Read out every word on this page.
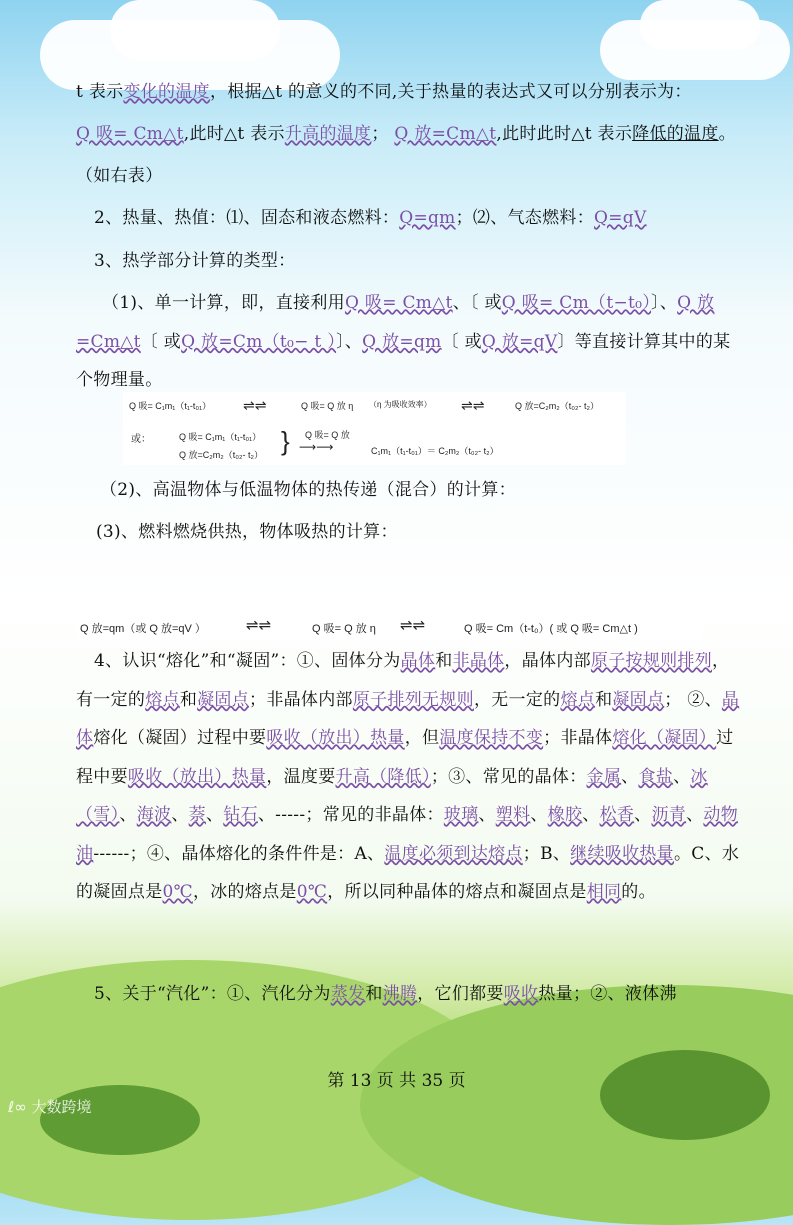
t 表示变化的温度，根据△t 的意义的不同,关于热量的表达式又可以分别表示为：
Q 吸= Cm△t,此时△t 表示升高的温度； Q 放=Cm△t,此时此时△t 表示降低的温度。
（如右表）
2、热量、热值：⑴、固态和液态燃料：Q=qm；⑵、气态燃料：Q=qV
3、热学部分计算的类型：
（1)、单一计算，即，直接利用Q 吸= Cm△t、〔 或Q 吸= Cm（t−t₀）〕、Q 放=Cm△t〔 或Q 放=Cm（t₀− t ）〕、Q 放=qm〔 或Q 放=qV〕等直接计算其中的某个物理量。
Q 吸= C₁m₁（t₁-t₀₁） ⇌⇌	Q 吸= Q 放 η （η 为吸收效率） ⇌⇌	Q 放=C₂m₂（t₀₂- t₂）
或：	Q 吸= C₁m₁（t₁-t₀₁）
Q 放=C₂m₂（t₀₂- t₂） } Q 吸= Q 放
⟶⟶	C₁m₁（t₁-t₀₁）＝ C₂m₂（t₀₂- t₂）
（2)、高温物体与低温物体的热传递（混合）的计算：
(3)、燃料燃烧供热，物体吸热的计算：
Q 放=qm（或 Q 放=qV ）	⇌⇌	Q 吸= Q 放 η ⇌⇌	Q 吸= Cm（t-t₀）( 或 Q 吸= Cm△t )
4、认识“熔化”和“凝固”：①、固体分为晶体和非晶体，晶体内部原子按规则排列，有一定的熔点和凝固点；非晶体内部原子排列无规则，无一定的熔点和凝固点； ②、晶体熔化（凝固）过程中要吸收（放出）热量，但温度保持不变；非晶体熔化（凝固）过程中要吸收（放出）热量，温度要升高（降低）；③、常见的晶体：金属、食盐、冰（雪）、海波、萘、钻石、-----；常见的非晶体：玻璃、塑料、橡胶、松香、沥青、动物油------；④、晶体熔化的条件件是：A、温度必须到达熔点；B、继续吸收热量。C、水的凝固点是0℃，冰的熔点是0℃，所以同种晶体的熔点和凝固点是相同的。
5、关于“汽化”：①、汽化分为蒸发和沸腾，它们都要吸收热量；②、液体沸
第 13 页 共 35 页
ℓ∞ 大数跨境
